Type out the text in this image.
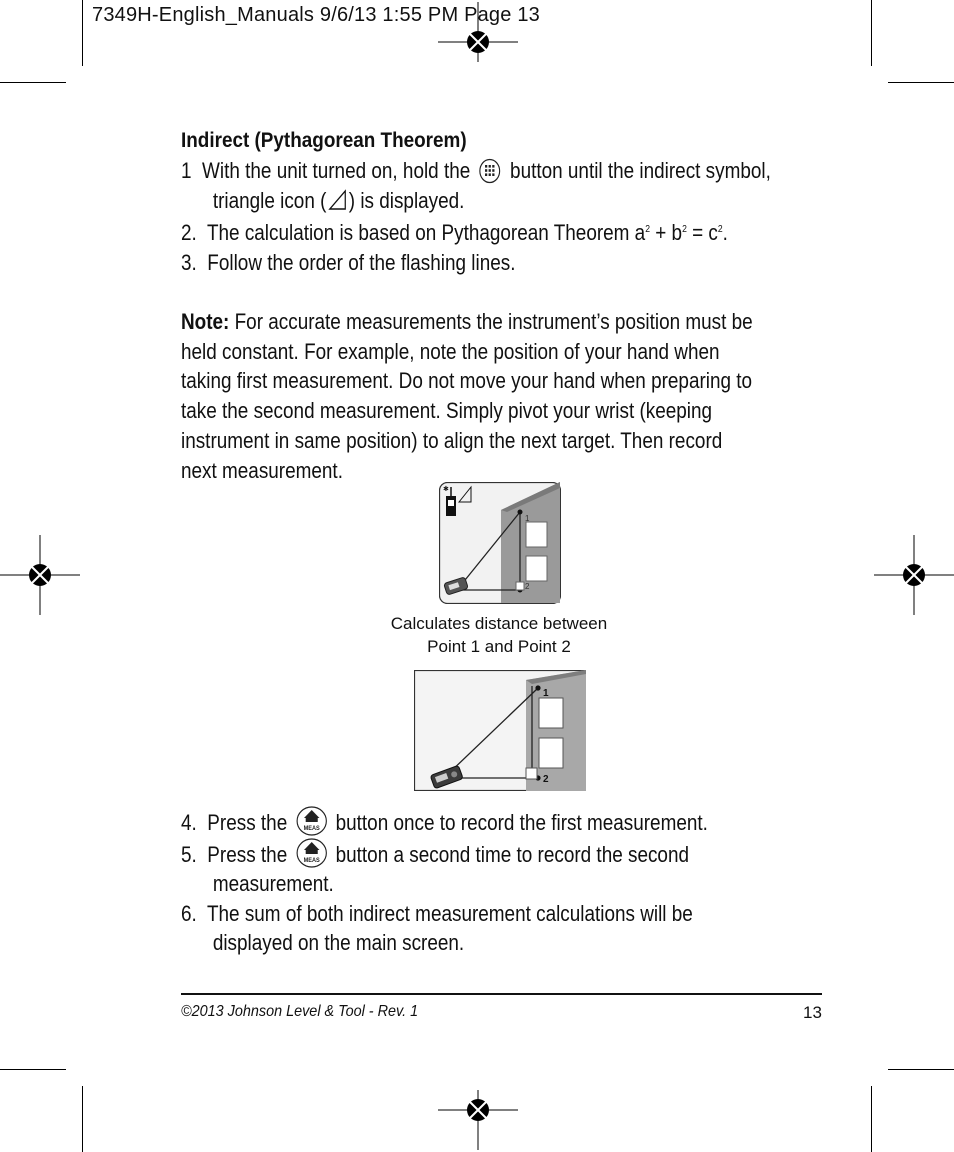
7349H-English_Manuals 9/6/13 1:55 PM Page 13
Indirect (Pythagorean Theorem)
1 With the unit turned on, hold the button until the indirect symbol,
triangle icon ( ) is displayed.
2. The calculation is based on Pythagorean Theorem $a^2 + b^2 = c^2$.
3. Follow the order of the flashing lines.
Note: For accurate measurements the instrument’s position must be
held constant. For example, note the position of your hand when
taking first measurement. Do not move your hand when preparing to
take the second measurement. Simply pivot your wrist (keeping
instrument in same position) to align the next target. Then record
next measurement.
1
2
✱
Calculates distance between
Point 1 and Point 2
1
2
4. Press the MEAS button once to record the first measurement.
5. Press the MEAS button a second time to record the second
measurement.
6. The sum of both indirect measurement calculations will be
displayed on the main screen.
©2013 Johnson Level & Tool - Rev. 1	13
